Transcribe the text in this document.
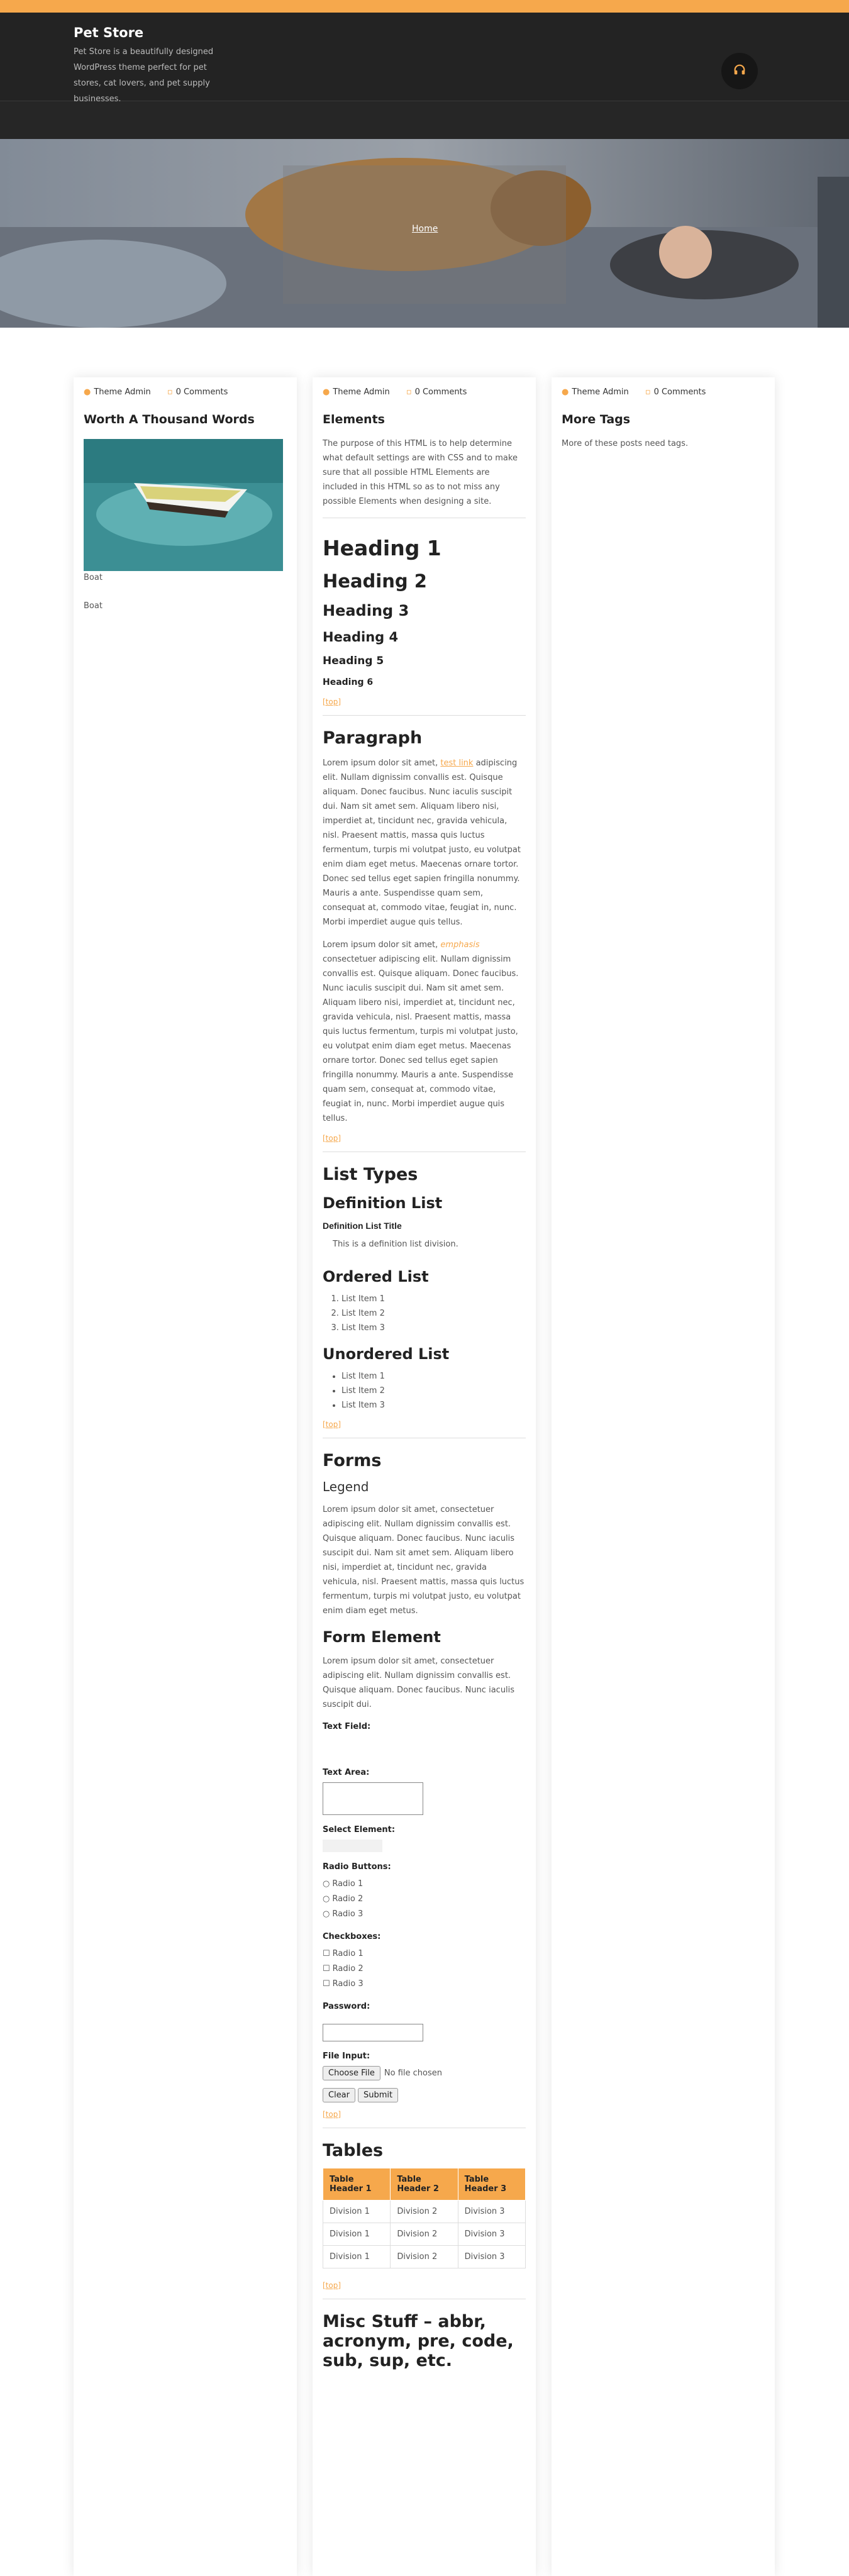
Pet Store
Pet Store is a beautifully designed WordPress theme perfect for pet stores, cat lovers, and pet supply businesses.
Home
● Theme Admin ▫ 0 Comments
Worth A Thousand Words
Boat
Boat
● Theme Admin ▫ 0 Comments
Elements

The purpose of this HTML is to help determine what default settings are with CSS and to make sure that all possible HTML Elements are included in this HTML so as to not miss any possible Elements when designing a site.

Heading 1
Heading 2
Heading 3
Heading 4
Heading 5
Heading 6
[top]
Paragraph

Lorem ipsum dolor sit amet, test link adipiscing elit. Nullam dignissim convallis est. Quisque aliquam. Donec faucibus. Nunc iaculis suscipit dui. Nam sit amet sem. Aliquam libero nisi, imperdiet at, tincidunt nec, gravida vehicula, nisl. Praesent mattis, massa quis luctus fermentum, turpis mi volutpat justo, eu volutpat enim diam eget metus. Maecenas ornare tortor. Donec sed tellus eget sapien fringilla nonummy. Mauris a ante. Suspendisse quam sem, consequat at, commodo vitae, feugiat in, nunc. Morbi imperdiet augue quis tellus.

Lorem ipsum dolor sit amet, emphasis consectetuer adipiscing elit. Nullam dignissim convallis est. Quisque aliquam. Donec faucibus. Nunc iaculis suscipit dui. Nam sit amet sem. Aliquam libero nisi, imperdiet at, tincidunt nec, gravida vehicula, nisl. Praesent mattis, massa quis luctus fermentum, turpis mi volutpat justo, eu volutpat enim diam eget metus. Maecenas ornare tortor. Donec sed tellus eget sapien fringilla nonummy. Mauris a ante. Suspendisse quam sem, consequat at, commodo vitae, feugiat in, nunc. Morbi imperdiet augue quis tellus.

[top]
List Types
Definition List
Definition List Title
This is a definition list division.
Ordered List
1. List Item 1
2. List Item 2
3. List Item 3
Unordered List
• List Item 1
• List Item 2
• List Item 3
[top]
Forms
Legend

Lorem ipsum dolor sit amet, consectetuer adipiscing elit. Nullam dignissim convallis est. Quisque aliquam. Donec faucibus. Nunc iaculis suscipit dui. Nam sit amet sem. Aliquam libero nisi, imperdiet at, tincidunt nec, gravida vehicula, nisl. Praesent mattis, massa quis luctus fermentum, turpis mi volutpat justo, eu volutpat enim diam eget metus.

Form Element

Lorem ipsum dolor sit amet, consectetuer adipiscing elit. Nullam dignissim convallis est. Quisque aliquam. Donec faucibus. Nunc iaculis suscipit dui.

Text Field:
Text Area:
Select Element:
Radio Buttons:
○ Radio 1
○ Radio 2
○ Radio 3
Checkboxes:
☐ Radio 1
☐ Radio 2
☐ Radio 3
Password:
File Input:
Choose File	No file chosen
Clear	Submit
[top]
Tables
Table Header 1	Table Header 2	Table Header 3
Division 1	Division 2	Division 3
Division 1	Division 2	Division 3
Division 1	Division 2	Division 3
[top]
Misc Stuff – abbr, acronym, pre, code, sub, sup, etc.
● Theme Admin ▫ 0 Comments
More Tags
More of these posts need tags.
